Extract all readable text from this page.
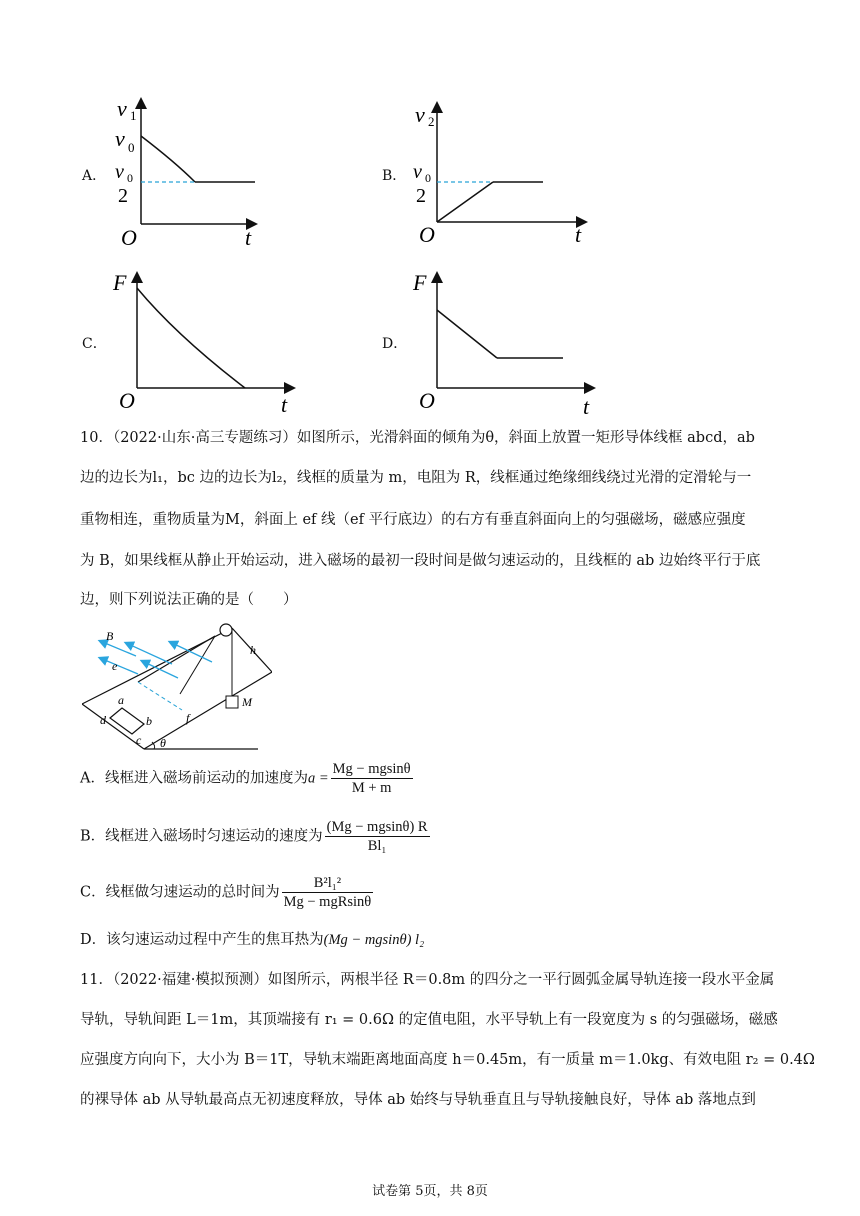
A．
v 1
v 0
v 0
2
O	t
B．
v 2
v 0
2
O	t
C．
F
O	t
D．
F
O	t
10．（2022·山东·高三专题练习）如图所示，光滑斜面的倾角为θ，斜面上放置一矩形导体线框 abcd，ab
边的边长为l₁，bc 边的边长为l₂，线框的质量为 m，电阻为 R，线框通过绝缘细线绕过光滑的定滑轮与一
重物相连，重物质量为M，斜面上 ef 线（ef 平行底边）的右方有垂直斜面向上的匀强磁场，磁感应强度
为 B，如果线框从静止开始运动，进入磁场的最初一段时间是做匀速运动的，且线框的 ab 边始终平行于底
边，则下列说法正确的是（　　）
B
e
f
h
M
a
b
c
d
θ
A．线框进入磁场前运动的加速度为$a = \frac{Mg - mgsin\theta}{M + m}$
B．线框进入磁场时匀速运动的速度为 $\frac{(Mg - mgsin\theta) R}{\text{Bl₁}}$
C．线框做匀速运动的总时间为 $\frac{\text{B²l₁²}}{\text{Mg − mgRsinθ}}$
D．该匀速运动过程中产生的焦耳热为(Mg − mgsinθ) l₂
11．（2022·福建·模拟预测）如图所示，两根半径 R＝0.8m 的四分之一平行圆弧金属导轨连接一段水平金属
导轨，导轨间距 L＝1m，其顶端接有 r₁ = 0.6Ω 的定值电阻，水平导轨上有一段宽度为 s 的匀强磁场，磁感
应强度方向向下，大小为 B＝1T，导轨末端距离地面高度 h＝0.45m，有一质量 m＝1.0kg、有效电阻 r₂ = 0.4Ω
的裸导体 ab 从导轨最高点无初速度释放，导体 ab 始终与导轨垂直且与导轨接触良好，导体 ab 落地点到
试卷第 5页，共 8页
